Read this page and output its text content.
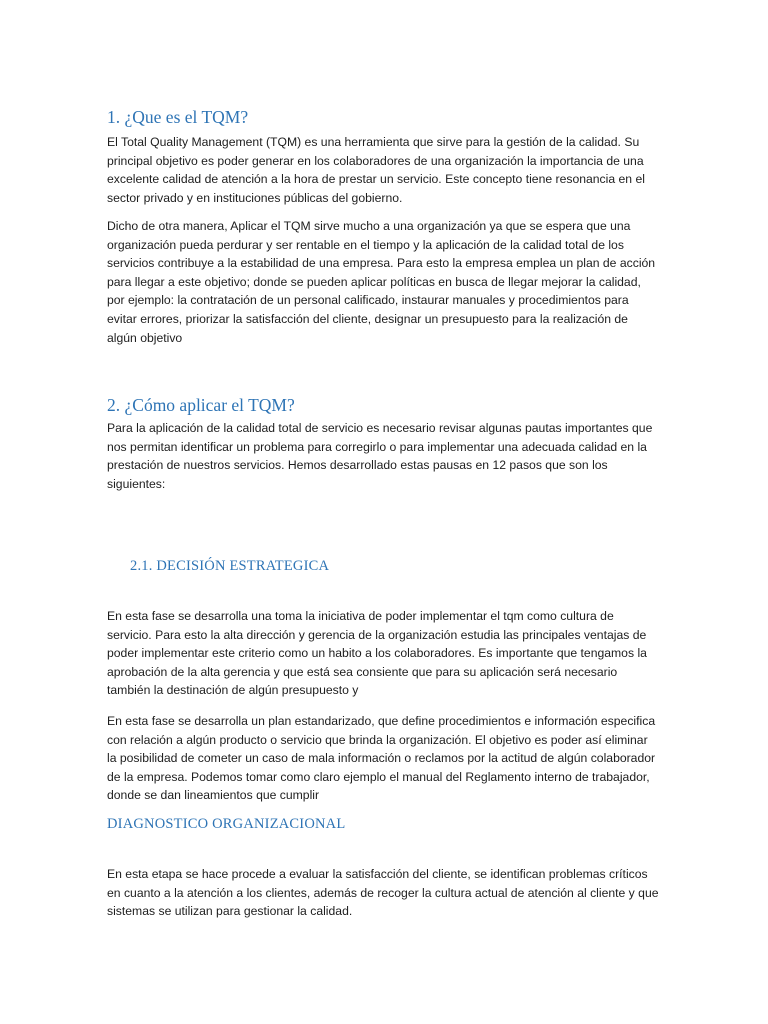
1. ¿Que es el TQM?

El Total Quality Management (TQM) es una herramienta que sirve para la gestión de la calidad. Su principal objetivo es poder generar en los colaboradores de una organización la importancia de una excelente calidad de atención a la hora de prestar un servicio. Este concepto tiene resonancia en el sector privado y en instituciones públicas del gobierno.

Dicho de otra manera, Aplicar el TQM sirve mucho a una organización ya que se espera que una organización pueda perdurar y ser rentable en el tiempo y la aplicación de la calidad total de los servicios contribuye a la estabilidad de una empresa. Para esto la empresa emplea un plan de acción para llegar a este objetivo; donde se pueden aplicar políticas en busca de llegar mejorar la calidad, por ejemplo: la contratación de un personal calificado, instaurar manuales y procedimientos para evitar errores, priorizar la satisfacción del cliente, designar un presupuesto para la realización de algún objetivo

2. ¿Cómo aplicar el TQM?

Para la aplicación de la calidad total de servicio es necesario revisar algunas pautas importantes que nos permitan identificar un problema para corregirlo o para implementar una adecuada calidad en la prestación de nuestros servicios. Hemos desarrollado estas pausas en 12 pasos que son los siguientes:

2.1. DECISIÓN ESTRATEGICA

En esta fase se desarrolla una toma la iniciativa de poder implementar el tqm como cultura de servicio. Para esto la alta dirección y gerencia de la organización estudia las principales ventajas de poder implementar este criterio como un habito a los colaboradores. Es importante que tengamos la aprobación de la alta gerencia y que está sea consiente que para su aplicación será necesario también la destinación de algún presupuesto y

En esta fase se desarrolla un plan estandarizado, que define procedimientos e información especifica con relación a algún producto o servicio que brinda la organización. El objetivo es poder así eliminar la posibilidad de cometer un caso de mala información o reclamos por la actitud de algún colaborador de la empresa. Podemos tomar como claro ejemplo el manual del Reglamento interno de trabajador, donde se dan lineamientos que cumplir

DIAGNOSTICO ORGANIZACIONAL

En esta etapa se hace procede a evaluar la satisfacción del cliente, se identifican problemas críticos en cuanto a la atención a los clientes, además de recoger la cultura actual de atención al cliente y que sistemas se utilizan para gestionar la calidad.
